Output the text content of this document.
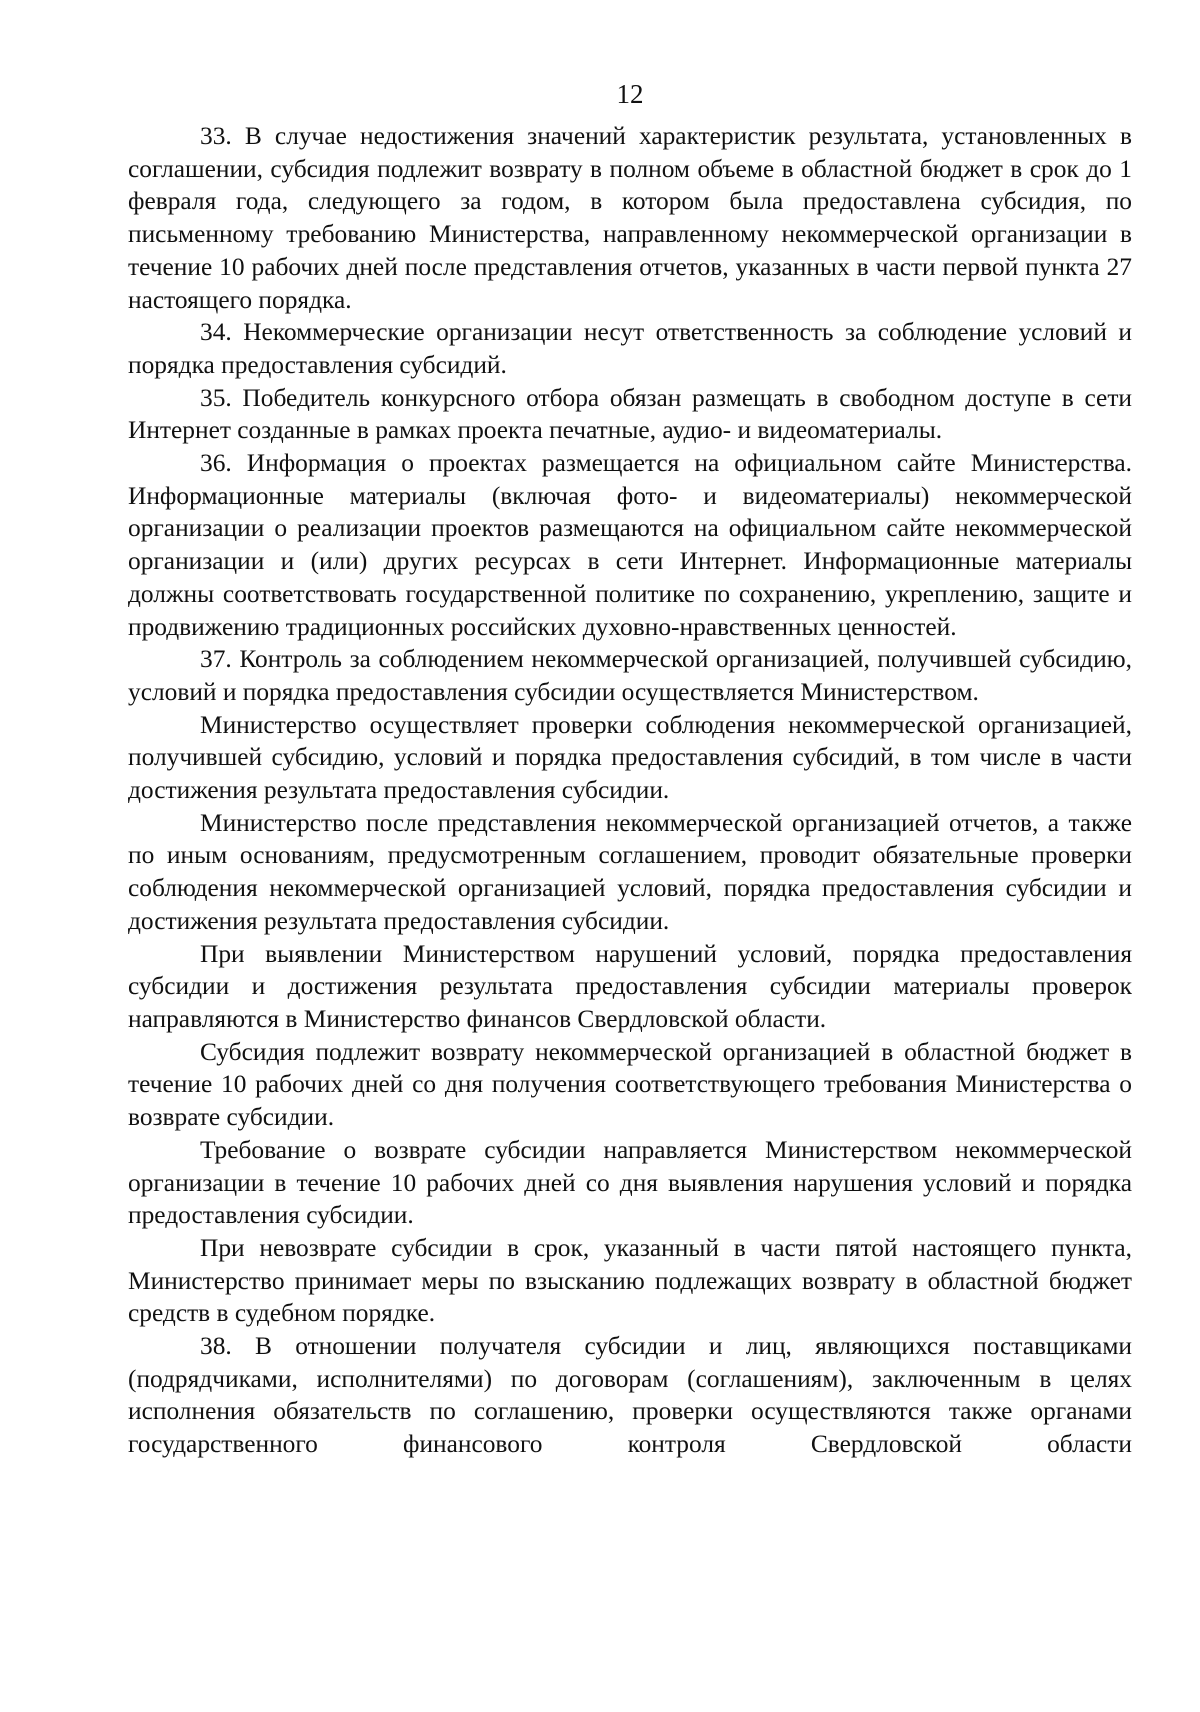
12

33. В случае недостижения значений характеристик результата, установленных в соглашении, субсидия подлежит возврату в полном объеме в областной бюджет в срок до 1 февраля года, следующего за годом, в котором была предоставлена субсидия, по письменному требованию Министерства, направленному некоммерческой организации в течение 10 рабочих дней после представления отчетов, указанных в части первой пункта 27 настоящего порядка.

34. Некоммерческие организации несут ответственность за соблюдение условий и порядка предоставления субсидий.

35. Победитель конкурсного отбора обязан размещать в свободном доступе в сети Интернет созданные в рамках проекта печатные, аудио- и видеоматериалы.

36. Информация о проектах размещается на официальном сайте Министерства. Информационные материалы (включая фото- и видеоматериалы) некоммерческой организации о реализации проектов размещаются на официальном сайте некоммерческой организации и (или) других ресурсах в сети Интернет. Информационные материалы должны соответствовать государственной политике по сохранению, укреплению, защите и продвижению традиционных российских духовно-нравственных ценностей.

37. Контроль за соблюдением некоммерческой организацией, получившей субсидию, условий и порядка предоставления субсидии осуществляется Министерством.

Министерство осуществляет проверки соблюдения некоммерческой организацией, получившей субсидию, условий и порядка предоставления субсидий, в том числе в части достижения результата предоставления субсидии.

Министерство после представления некоммерческой организацией отчетов, а также по иным основаниям, предусмотренным соглашением, проводит обязательные проверки соблюдения некоммерческой организацией условий, порядка предоставления субсидии и достижения результата предоставления субсидии.

При выявлении Министерством нарушений условий, порядка предоставления субсидии и достижения результата предоставления субсидии материалы проверок направляются в Министерство финансов Свердловской области.

Субсидия подлежит возврату некоммерческой организацией в областной бюджет в течение 10 рабочих дней со дня получения соответствующего требования Министерства о возврате субсидии.

Требование о возврате субсидии направляется Министерством некоммерческой организации в течение 10 рабочих дней со дня выявления нарушения условий и порядка предоставления субсидии.

При невозврате субсидии в срок, указанный в части пятой настоящего пункта, Министерство принимает меры по взысканию подлежащих возврату в областной бюджет средств в судебном порядке.

38. В отношении получателя субсидии и лиц, являющихся поставщиками (подрядчиками, исполнителями) по договорам (соглашениям), заключенным в целях исполнения обязательств по соглашению, проверки осуществляются также органами государственного финансового контроля Свердловской области
